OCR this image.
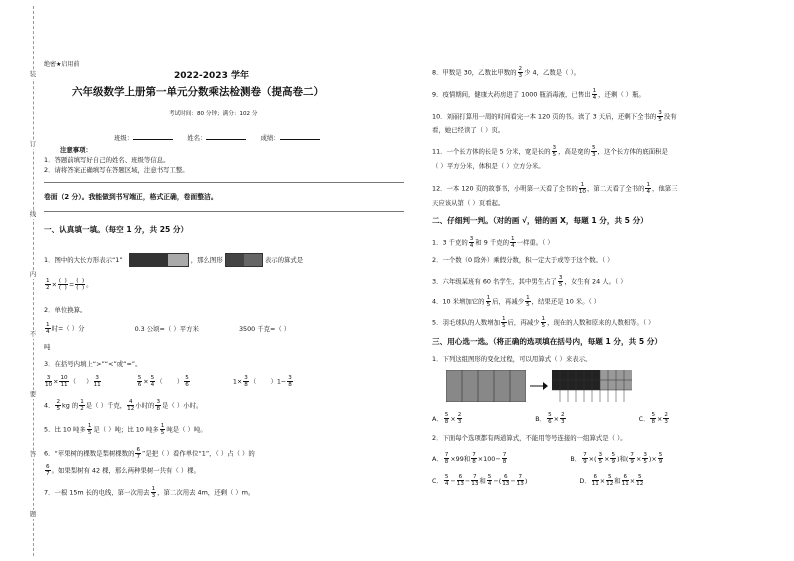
装
订
线
内
不
要
答
题
绝密★启用前
2022-2023 学年
六年级数学上册第一单元分数乘法检测卷（提高卷二）
考试时间：80 分钟；满分：102 分
班级：	姓名：	成绩：
注意事项：
1．答题前填写好自己的姓名、班级等信息。
2．请将答案正确填写在答题区域，注意书写工整。
卷面（2 分）。我能做到书写端正，格式正确，卷面整洁。
一、认真填一填。（每空 1 分，共 25 分）
1．图中的大长方形表示“1”	，那么图形	表示的算式是
$\frac{1}{2} \times \frac{( )}{( )} = \frac{( )}{( )}$ 。
2．单位换算。
$\frac{1}{4}$ 时=（ ）分	0.3 公顷=（ ）平方米	3500 千克=（ ）
吨
3．在括号内填上“>”“<”或“=”。
$\frac{3}{10} \times \frac{10}{11}$ （     ） $\frac{3}{11}$
	$\frac{5}{6} \times \frac{5}{4}$ （       ） $\frac{5}{6}$	$1\times \frac{3}{8}$ （       ）$1- \frac{3}{8}$
4． $\frac{2}{5}$ kg 的 $\frac{1}{2}$ 是（ ）千克， $\frac{4}{12}$ 小时的 $\frac{3}{8}$ 是（ ）小时。
5．比 10 吨多 $\frac{1}{5}$ 是（ ）吨；比 10 吨多 $\frac{1}{5}$ 吨是（ ）吨。
6．“苹果树的棵数是梨树棵数的 $\frac{6}{7}$ ”是把（ ）看作单位“1”，（ ）占（ ）的
$\frac{6}{7}$ 。如果梨树有 42 棵，那么两种果树一共有（ ）棵。
7．一根 15m 长的电线，第一次用去 $\frac{1}{3}$ ，第二次用去 4m，还剩（ ）m。
8．甲数是 30，乙数比甲数的 $\frac{2}{3}$ 少 4，乙数是（ ）。
9．疫情期间，健康大药房进了 1000 瓶消毒液，已售出 $\frac{1}{4}$ ，还剩（ ）瓶。
10．刘丽打算用一周的时间看完一本 120 页的书。读了 3 天后，还剩下全书的 $\frac{3}{5}$ 没有
看，她已经读了（ ）页。
11．一个长方体的长是 5 分米，宽是长的 $\frac{3}{5}$ ，高是宽的 $\frac{5}{3}$ ，这个长方体的底面积是
（ ）平方分米，体积是（ ）立方分米。
12．一本 120 页的故事书，小明第一天看了全书的 $\frac{1}{10}$ ，第二天看了全书的 $\frac{1}{4}$ ，他第三
天应该从第（ ）页看起。
二、仔细判一判。（对的画 √，错的画 X，每题 1 分，共 5 分）
1．3 千克的 $\frac{3}{4}$ 和 9 千克的 $\frac{1}{4}$ 一样重。（ ）
2．一个数（0 除外）乘假分数，积一定大于或等于这个数。（ ）
3．六年级某班有 60 名学生，其中男生占了 $\frac{3}{5}$ ，女生有 24 人。（ ）
4．10 米增加它的 $\frac{1}{5}$ 后，再减少 $\frac{1}{5}$ ，结果还是 10 米。（ ）
5．羽毛球队的人数增加 $\frac{1}{5}$ 后，再减少 $\frac{1}{5}$ ，现在的人数和原来的人数相等。（ ）
三、用心选一选。（将正确的选项填在括号内，每题 1 分，共 5 分）
1．下列这组图形的变化过程，可以用算式（ ）来表示。
A． $\frac{5}{8} \times \frac{2}{3}$	B． $\frac{5}{6} \times \frac{2}{3}$	C． $\frac{5}{8} \times \frac{2}{3}$
2．下面每个选项都有两道算式，不能用等号连接的一组算式是（ ）。
A． $\frac{7}{8} \times 99$和 $\frac{7}{8} \times 100- \frac{7}{8}$	B． $\frac{7}{9}$ ×( $\frac{3}{5} \times \frac{5}{9}$ )和( $\frac{7}{9} \times \frac{3}{5}$ )× $\frac{5}{9}$
C． $\frac{5}{4} - \frac{6}{13} - \frac{7}{13}$ 和 $\frac{5}{4}$ −( $\frac{6}{13} - \frac{7}{13}$ )	D． $\frac{6}{11} \times \frac{5}{12}$ 和 $\frac{6}{11} \times \frac{5}{12}$
